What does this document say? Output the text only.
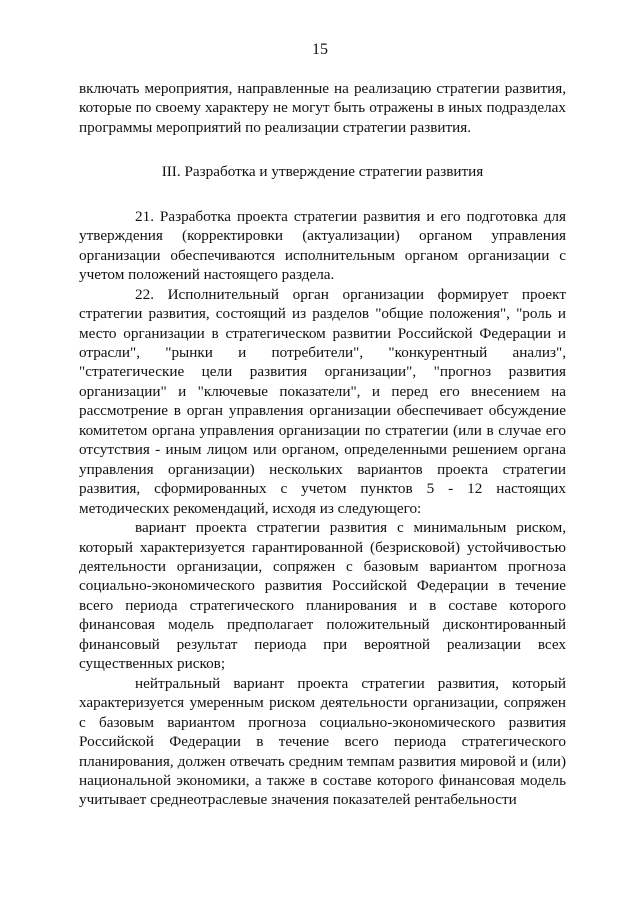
15

включать мероприятия, направленные на реализацию стратегии развития, которые по своему характеру не могут быть отражены в иных подразделах программы мероприятий по реализации стратегии развития.

III. Разработка и утверждение стратегии развития

21. Разработка проекта стратегии развития и его подготовка для утверждения (корректировки (актуализации) органом управления организации обеспечиваются исполнительным органом организации с учетом положений настоящего раздела.

22. Исполнительный орган организации формирует проект стратегии развития, состоящий из разделов "общие положения", "роль и место организации в стратегическом развитии Российской Федерации и отрасли", "рынки и потребители", "конкурентный анализ", "стратегические цели развития организации", "прогноз развития организации" и "ключевые показатели", и перед его внесением на рассмотрение в орган управления организации обеспечивает обсуждение комитетом органа управления организации по стратегии (или в случае его отсутствия - иным лицом или органом, определенными решением органа управления организации) нескольких вариантов проекта стратегии развития, сформированных с учетом пунктов 5 - 12 настоящих методических рекомендаций, исходя из следующего:

вариант проекта стратегии развития с минимальным риском, который характеризуется гарантированной (безрисковой) устойчивостью деятельности организации, сопряжен с базовым вариантом прогноза социально-экономического развития Российской Федерации в течение всего периода стратегического планирования и в составе которого финансовая модель предполагает положительный дисконтированный финансовый результат периода при вероятной реализации всех существенных рисков;

нейтральный вариант проекта стратегии развития, который характеризуется умеренным риском деятельности организации, сопряжен с базовым вариантом прогноза социально-экономического развития Российской Федерации в течение всего периода стратегического планирования, должен отвечать средним темпам развития мировой и (или) национальной экономики, а также в составе которого финансовая модель учитывает среднеотраслевые значения показателей рентабельности
